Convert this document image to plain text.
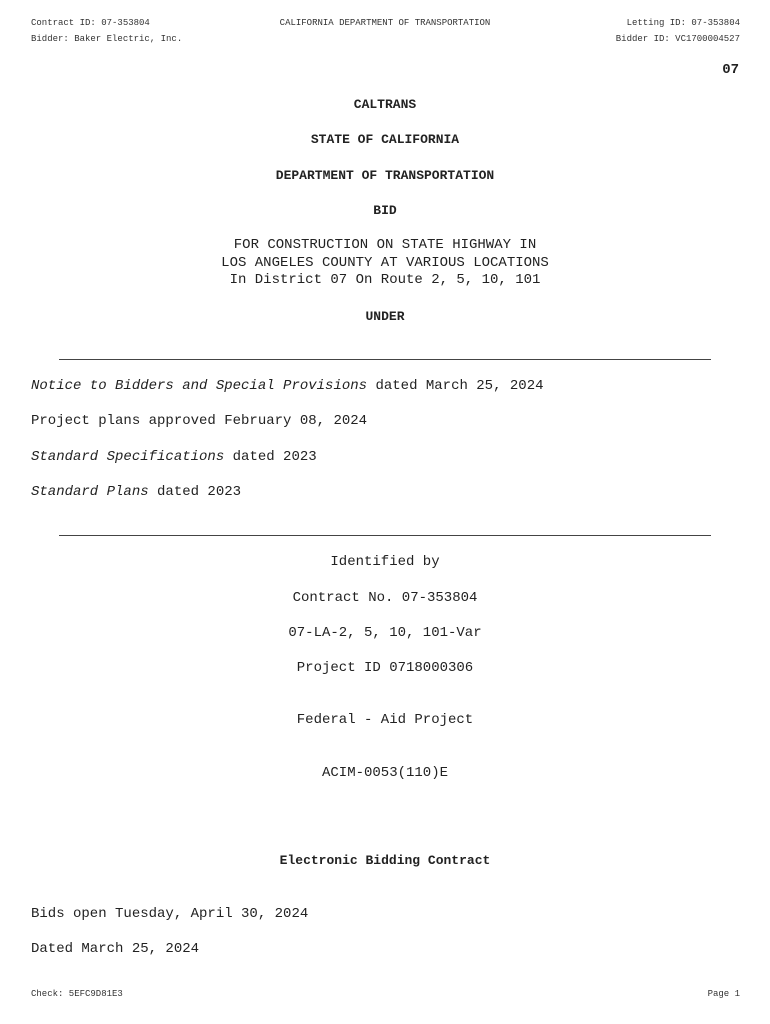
Contract ID: 07-353804	CALIFORNIA DEPARTMENT OF TRANSPORTATION	Letting ID: 07-353804
Bidder: Baker Electric, Inc.	Bidder ID: VC1700004527
07
CALTRANS
STATE OF CALIFORNIA
DEPARTMENT OF TRANSPORTATION
BID
FOR CONSTRUCTION ON STATE HIGHWAY IN
LOS ANGELES COUNTY AT VARIOUS LOCATIONS
In District 07 On Route 2, 5, 10, 101
UNDER
Notice to Bidders and Special Provisions dated March 25, 2024
Project plans approved February 08, 2024
Standard Specifications dated 2023
Standard Plans dated 2023
Identified by
Contract No. 07-353804
07-LA-2, 5, 10, 101-Var
Project ID 0718000306
Federal - Aid Project
ACIM-0053(110)E
Electronic Bidding Contract
Bids open Tuesday, April 30, 2024
Dated March 25, 2024
Check: 5EFC9D81E3	Page 1
